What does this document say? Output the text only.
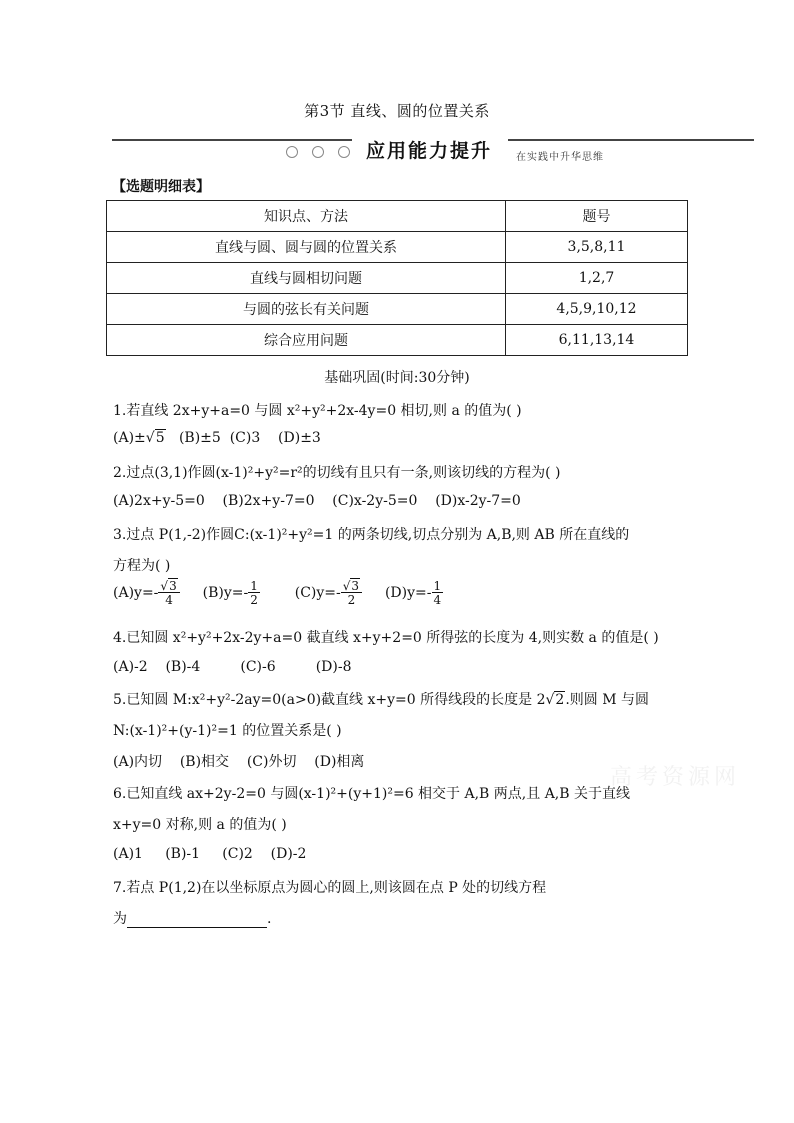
第3节 直线、圆的位置关系
应用能力提升 在实践中升华思维
【选题明细表】
知识点、方法	题号
直线与圆、圆与圆的位置关系	3,5,8,11
直线与圆相切问题	1,2,7
与圆的弦长有关问题	4,5,9,10,12
综合应用问题	6,11,13,14
基础巩固(时间:30分钟)
1.若直线 2x+y+a=0 与圆 x²+y²+2x-4y=0 相切,则 a 的值为( )
(A)±√5   (B)±5  (C)3    (D)±3
2.过点(3,1)作圆(x-1)²+y²=r²的切线有且只有一条,则该切线的方程为( )
(A)2x+y-5=0    (B)2x+y-7=0    (C)x-2y-5=0    (D)x-2y-7=0
3.过点 P(1,-2)作圆C:(x-1)²+y²=1 的两条切线,切点分别为 A,B,则 AB 所在直线的
方程为( )
$(A)y=- \frac{√3}{4} (B)y=- \frac{1}{2} (C)y=- \frac{√3}{2} (D)y=- \frac{1}{4}$
4.已知圆 x²+y²+2x-2y+a=0 截直线 x+y+2=0 所得弦的长度为 4,则实数 a 的值是( )
(A)-2    (B)-4         (C)-6         (D)-8
5.已知圆 M:x²+y²-2ay=0(a>0)截直线 x+y=0 所得线段的长度是 2√2.则圆 M 与圆
N:(x-1)²+(y-1)²=1 的位置关系是( )
(A)内切    (B)相交    (C)外切    (D)相离
6.已知直线 ax+2y-2=0 与圆(x-1)²+(y+1)²=6 相交于 A,B 两点,且 A,B 关于直线
x+y=0 对称,则 a 的值为( )
(A)1     (B)-1     (C)2    (D)-2
7.若点 P(1,2)在以坐标原点为圆心的圆上,则该圆在点 P 处的切线方程
为	.
高考资源网
